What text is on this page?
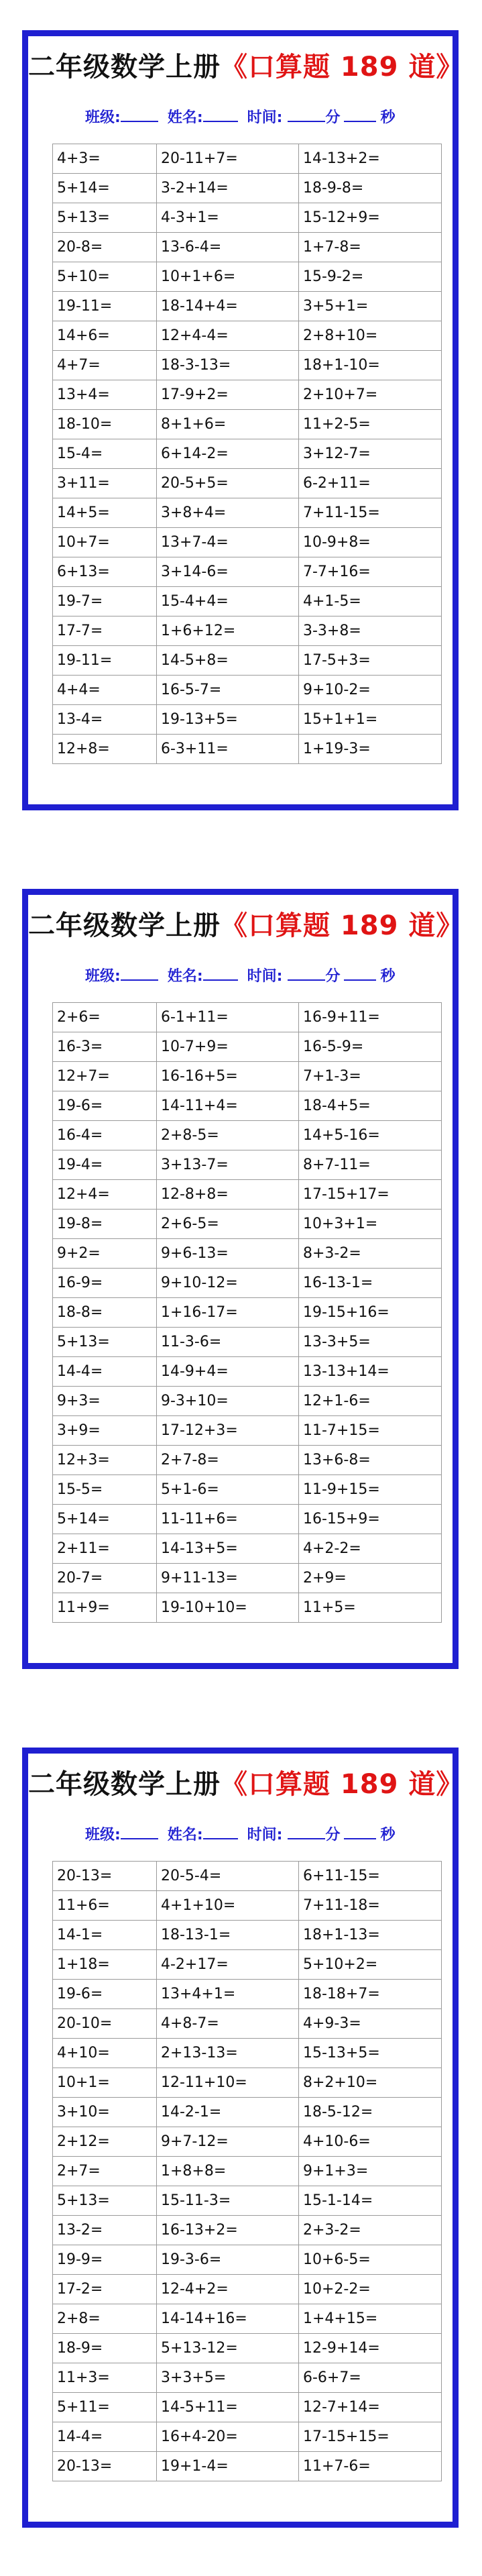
二年级数学上册《口算题 189 道》
班级:	姓名:	时间:	分	秒
4+3=	20-11+7=	14-13+2=
5+14=	3-2+14=	18-9-8=
5+13=	4-3+1=	15-12+9=
20-8=	13-6-4=	1+7-8=
5+10=	10+1+6=	15-9-2=
19-11=	18-14+4=	3+5+1=
14+6=	12+4-4=	2+8+10=
4+7=	18-3-13=	18+1-10=
13+4=	17-9+2=	2+10+7=
18-10=	8+1+6=	11+2-5=
15-4=	6+14-2=	3+12-7=
3+11=	20-5+5=	6-2+11=
14+5=	3+8+4=	7+11-15=
10+7=	13+7-4=	10-9+8=
6+13=	3+14-6=	7-7+16=
19-7=	15-4+4=	4+1-5=
17-7=	1+6+12=	3-3+8=
19-11=	14-5+8=	17-5+3=
4+4=	16-5-7=	9+10-2=
13-4=	19-13+5=	15+1+1=
12+8=	6-3+11=	1+19-3=
二年级数学上册《口算题 189 道》
班级:	姓名:	时间:	分	秒
2+6=	6-1+11=	16-9+11=
16-3=	10-7+9=	16-5-9=
12+7=	16-16+5=	7+1-3=
19-6=	14-11+4=	18-4+5=
16-4=	2+8-5=	14+5-16=
19-4=	3+13-7=	8+7-11=
12+4=	12-8+8=	17-15+17=
19-8=	2+6-5=	10+3+1=
9+2=	9+6-13=	8+3-2=
16-9=	9+10-12=	16-13-1=
18-8=	1+16-17=	19-15+16=
5+13=	11-3-6=	13-3+5=
14-4=	14-9+4=	13-13+14=
9+3=	9-3+10=	12+1-6=
3+9=	17-12+3=	11-7+15=
12+3=	2+7-8=	13+6-8=
15-5=	5+1-6=	11-9+15=
5+14=	11-11+6=	16-15+9=
2+11=	14-13+5=	4+2-2=
20-7=	9+11-13=	2+9=
11+9=	19-10+10=	11+5=
二年级数学上册《口算题 189 道》
班级:	姓名:	时间:	分	秒
20-13=	20-5-4=	6+11-15=
11+6=	4+1+10=	7+11-18=
14-1=	18-13-1=	18+1-13=
1+18=	4-2+17=	5+10+2=
19-6=	13+4+1=	18-18+7=
20-10=	4+8-7=	4+9-3=
4+10=	2+13-13=	15-13+5=
10+1=	12-11+10=	8+2+10=
3+10=	14-2-1=	18-5-12=
2+12=	9+7-12=	4+10-6=
2+7=	1+8+8=	9+1+3=
5+13=	15-11-3=	15-1-14=
13-2=	16-13+2=	2+3-2=
19-9=	19-3-6=	10+6-5=
17-2=	12-4+2=	10+2-2=
2+8=	14-14+16=	1+4+15=
18-9=	5+13-12=	12-9+14=
11+3=	3+3+5=	6-6+7=
5+11=	14-5+11=	12-7+14=
14-4=	16+4-20=	17-15+15=
20-13=	19+1-4=	11+7-6=
